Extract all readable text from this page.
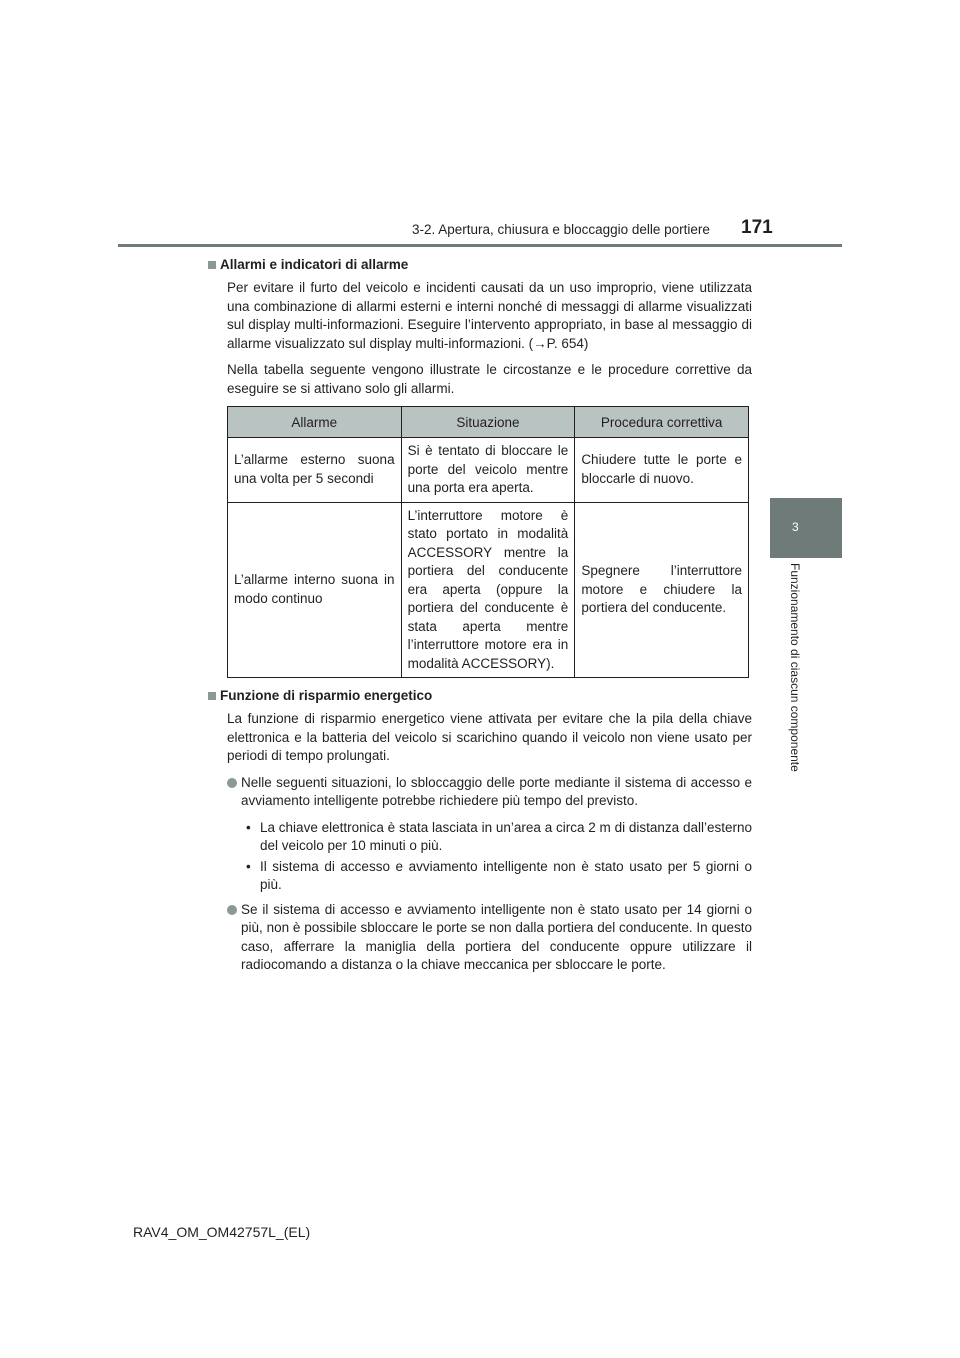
3-2. Apertura, chiusura e bloccaggio delle portiere 171
3
Funzionamento di ciascun componente
Allarmi e indicatori di allarme

Per evitare il furto del veicolo e incidenti causati da un uso improprio, viene utilizzata una combinazione di allarmi esterni e interni nonché di messaggi di allarme visualizzati sul display multi-informazioni. Eseguire l’intervento appropriato, in base al messaggio di allarme visualizzato sul display multi-informazioni. (→P. 654)

Nella tabella seguente vengono illustrate le circostanze e le procedure correttive da eseguire se si attivano solo gli allarmi.

Allarme	Situazione	Procedura correttiva
L’allarme esterno suona una volta per 5 secondi	Si è tentato di bloccare le porte del veicolo mentre una porta era aperta.	Chiudere tutte le porte e bloccarle di nuovo.
L’allarme interno suona in modo continuo	L’interruttore motore è stato portato in modalità ACCESSORY mentre la portiera del conducente era aperta (oppure la portiera del conducente è stata aperta mentre l’interruttore motore era in modalità ACCESSORY).	Spegnere l’interruttore motore e chiudere la portiera del conducente.
Funzione di risparmio energetico

La funzione di risparmio energetico viene attivata per evitare che la pila della chiave elettronica e la batteria del veicolo si scarichino quando il veicolo non viene usato per periodi di tempo prolungati.

Nelle seguenti situazioni, lo sbloccaggio delle porte mediante il sistema di accesso e avviamento intelligente potrebbe richiedere più tempo del previsto.
• La chiave elettronica è stata lasciata in un’area a circa 2 m di distanza dall’esterno del veicolo per 10 minuti o più.
• Il sistema di accesso e avviamento intelligente non è stato usato per 5 giorni o più.
Se il sistema di accesso e avviamento intelligente non è stato usato per 14 giorni o più, non è possibile sbloccare le porte se non dalla portiera del conducente. In questo caso, afferrare la maniglia della portiera del conducente oppure utilizzare il radiocomando a distanza o la chiave meccanica per sbloccare le porte.
RAV4_OM_OM42757L_(EL)
